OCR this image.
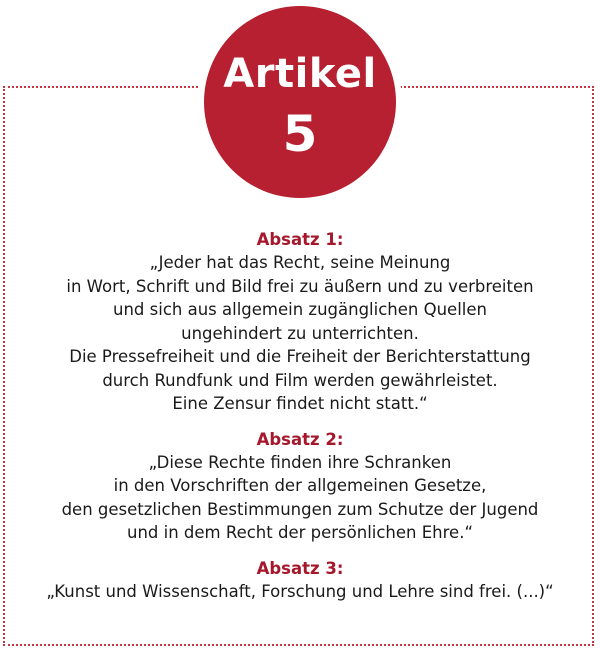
Artikel
5
Absatz 1:
„Jeder hat das Recht, seine Meinung
in Wort, Schrift und Bild frei zu äußern und zu verbreiten
und sich aus allgemein zugänglichen Quellen
ungehindert zu unterrichten.
Die Pressefreiheit und die Freiheit der Berichterstattung
durch Rundfunk und Film werden gewährleistet.
Eine Zensur findet nicht statt.“
Absatz 2:
„Diese Rechte finden ihre Schranken
in den Vorschriften der allgemeinen Gesetze,
den gesetzlichen Bestimmungen zum Schutze der Jugend
und in dem Recht der persönlichen Ehre.“
Absatz 3:
„Kunst und Wissenschaft, Forschung und Lehre sind frei. (...)“
